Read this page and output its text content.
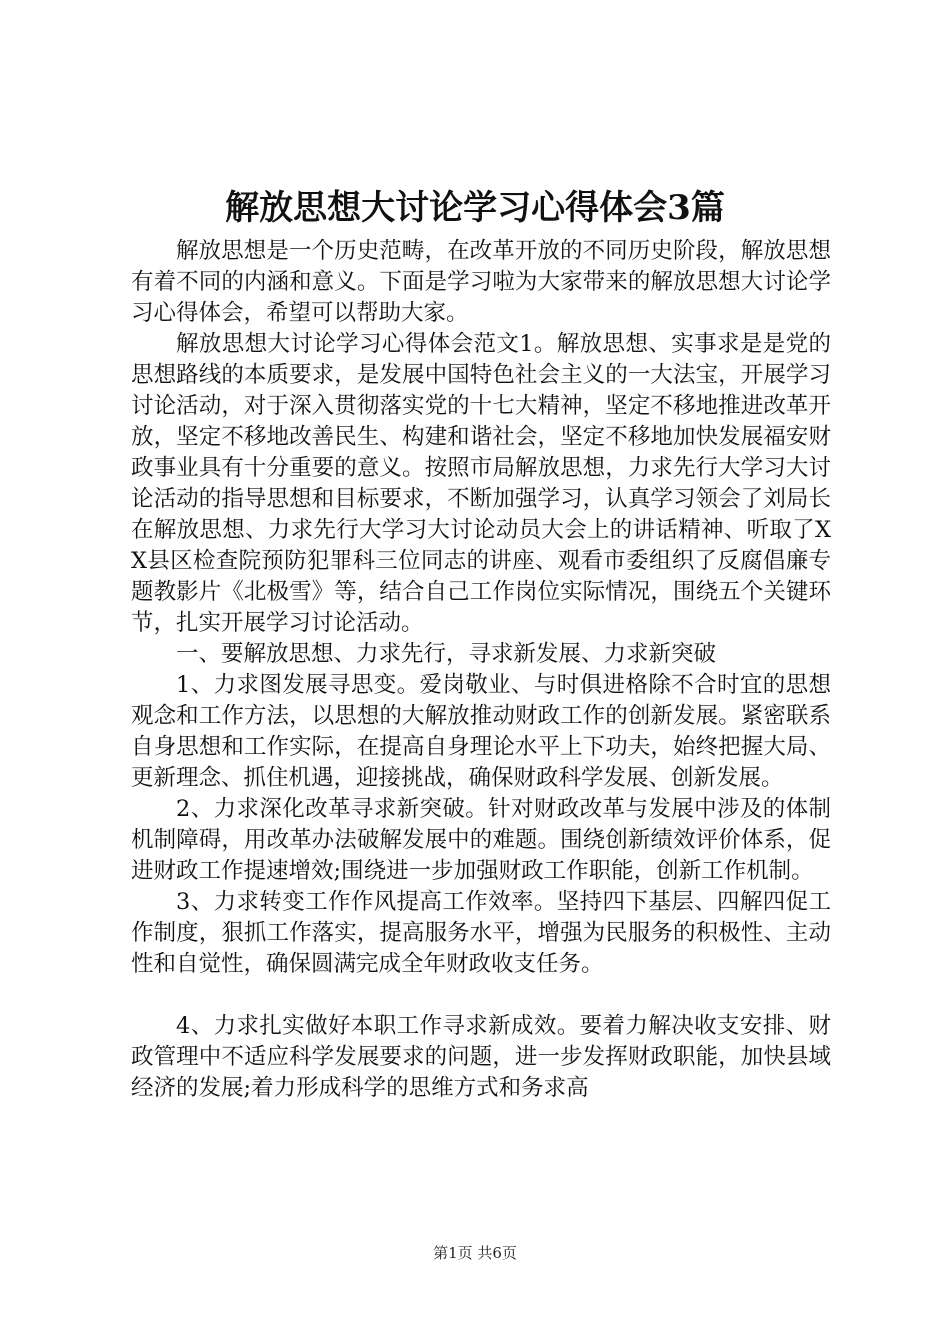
解放思想大讨论学习心得体会3篇

解放思想是一个历史范畴，在改革开放的不同历史阶段，解放思想有着不同的内涵和意义。下面是学习啦为大家带来的解放思想大讨论学习心得体会，希望可以帮助大家。

解放思想大讨论学习心得体会范文1。解放思想、实事求是是党的思想路线的本质要求，是发展中国特色社会主义的一大法宝，开展学习讨论活动，对于深入贯彻落实党的十七大精神，坚定不移地推进改革开放，坚定不移地改善民生、构建和谐社会，坚定不移地加快发展福安财政事业具有十分重要的意义。按照市局解放思想，力求先行大学习大讨论活动的指导思想和目标要求，不断加强学习，认真学习领会了刘局长在解放思想、力求先行大学习大讨论动员大会上的讲话精神、听取了XX县区检查院预防犯罪科三位同志的讲座、观看市委组织了反腐倡廉专题教影片《北极雪》等，结合自己工作岗位实际情况，围绕五个关键环节，扎实开展学习讨论活动。

一、要解放思想、力求先行，寻求新发展、力求新突破

1、力求图发展寻思变。爱岗敬业、与时俱进格除不合时宜的思想观念和工作方法，以思想的大解放推动财政工作的创新发展。紧密联系自身思想和工作实际，在提高自身理论水平上下功夫，始终把握大局、更新理念、抓住机遇，迎接挑战，确保财政科学发展、创新发展。

2、力求深化改革寻求新突破。针对财政改革与发展中涉及的体制机制障碍，用改革办法破解发展中的难题。围绕创新绩效评价体系，促进财政工作提速增效;围绕进一步加强财政工作职能，创新工作机制。

3、力求转变工作作风提高工作效率。坚持四下基层、四解四促工作制度，狠抓工作落实，提高服务水平，增强为民服务的积极性、主动性和自觉性，确保圆满完成全年财政收支任务。

4、力求扎实做好本职工作寻求新成效。要着力解决收支安排、财政管理中不适应科学发展要求的问题，进一步发挥财政职能，加快县域经济的发展;着力形成科学的思维方式和务求高

第1页 共6页
